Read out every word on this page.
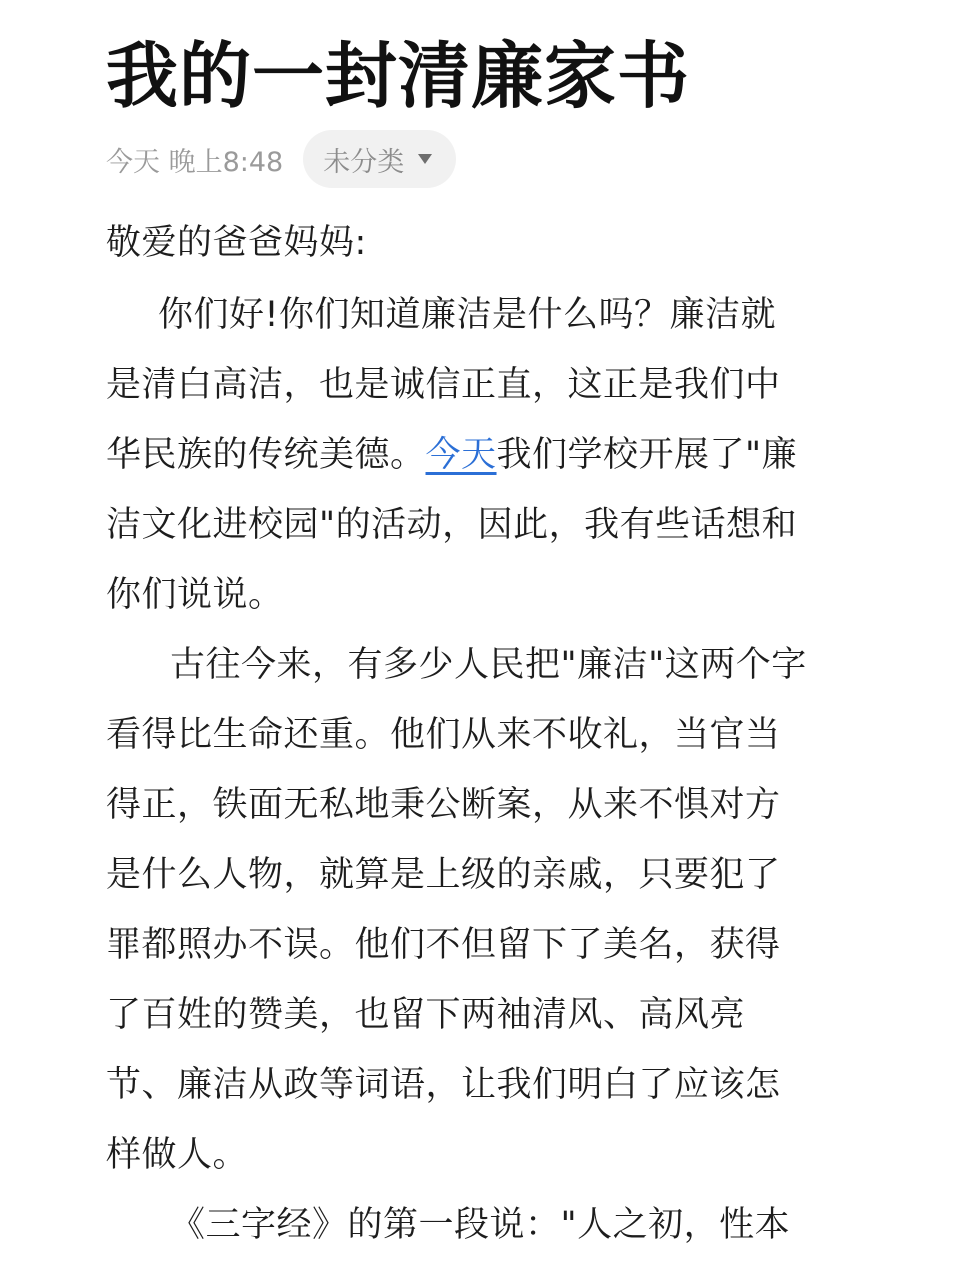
我的一封清廉家书
今天 晚上8:48 未分类
敬爱的爸爸妈妈:
你们好!你们知道廉洁是什么吗？廉洁就
是清白高洁，也是诚信正直，这正是我们中
华民族的传统美德。今天我们学校开展了"廉
洁文化进校园"的活动，因此，我有些话想和
你们说说。
古往今来，有多少人民把"廉洁"这两个字
看得比生命还重。他们从来不收礼，当官当
得正，铁面无私地秉公断案，从来不惧对方
是什么人物，就算是上级的亲戚，只要犯了
罪都照办不误。他们不但留下了美名，获得
了百姓的赞美，也留下两袖清风、高风亮
节、廉洁从政等词语，让我们明白了应该怎
样做人。
《三字经》的第一段说："人之初，性本
